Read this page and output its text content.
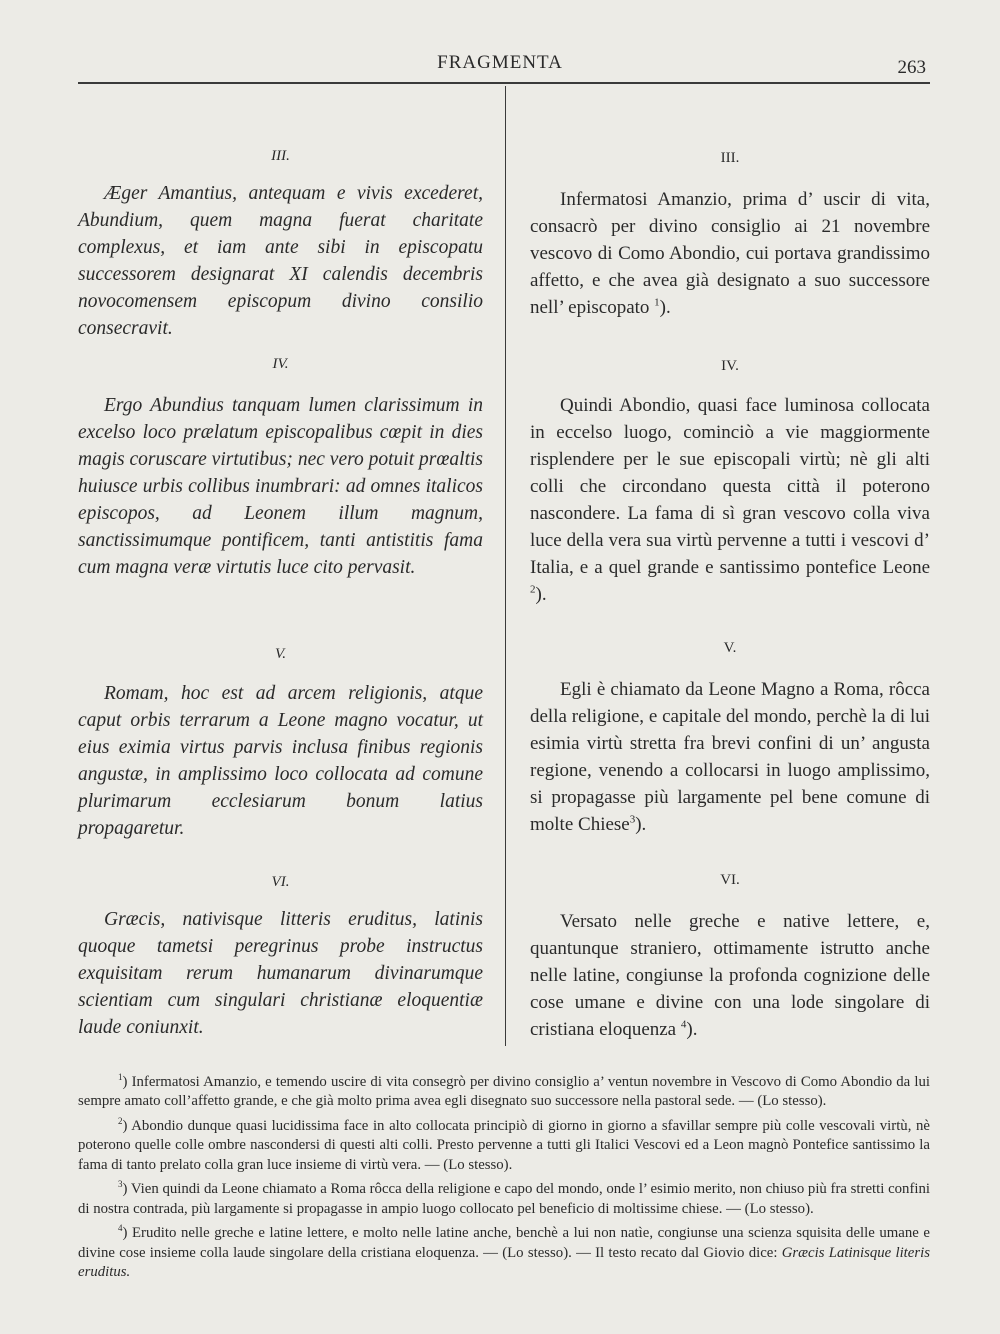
FRAGMENTA	263
III.
Æger Amantius, antequam e vivis excederet, Abundium, quem magna fuerat charitate complexus, et iam ante sibi in episcopatu successorem designarat XI calendis decembris novocomensem episcopum divino consilio consecravit.
IV.
Ergo Abundius tanquam lumen clarissimum in excelso loco prælatum episcopalibus cœpit in dies magis coruscare virtutibus; nec vero potuit prœaltis huiusce urbis collibus inumbrari: ad omnes italicos episcopos, ad Leonem illum magnum, sanctissimumque pontificem, tanti antistitis fama cum magna veræ virtutis luce cito pervasit.
V.
Romam, hoc est ad arcem religionis, atque caput orbis terrarum a Leone magno vocatur, ut eius eximia virtus parvis inclusa finibus regionis angustæ, in amplissimo loco collocata ad comune plurimarum ecclesiarum bonum latius propagaretur.
VI.
Græcis, nativisque litteris eruditus, latinis quoque tametsi peregrinus probe instructus exquisitam rerum humanarum divinarumque scientiam cum singulari christianæ eloquentiæ laude coniunxit.
III.
Infermatosi Amanzio, prima d’ uscir di vita, consacrò per divino consiglio ai 21 novembre vescovo di Como Abondio, cui portava grandissimo affetto, e che avea già designato a suo successore nell’ episcopato $^1$).
IV.
Quindi Abondio, quasi face luminosa collocata in eccelso luogo, cominciò a vie maggiormente risplendere per le sue episcopali virtù; nè gli alti colli che circondano questa città il poterono nascondere. La fama di sì gran vescovo colla viva luce della vera sua virtù pervenne a tutti i vescovi d’ Italia, e a quel grande e santissimo pontefice Leone $^2$).
V.
Egli è chiamato da Leone Magno a Roma, rôcca della religione, e capitale del mondo, perchè la di lui esimia virtù stretta fra brevi confini di un’ angusta regione, venendo a collocarsi in luogo amplissimo, si propagasse più largamente pel bene comune di molte Chiese$^3$).
VI.
Versato nelle greche e native lettere, e, quantunque straniero, ottimamente istrutto anche nelle latine, congiunse la profonda cognizione delle cose umane e divine con una lode singolare di cristiana eloquenza $^4$).

$^1$) Infermatosi Amanzio, e temendo uscire di vita consegrò per divino consiglio a’ ventun novembre in Vescovo di Como Abondio da lui sempre amato coll’affetto grande, e che già molto prima avea egli disegnato suo successore nella pastoral sede. — (Lo stesso).

$^2$) Abondio dunque quasi lucidissima face in alto collocata principiò di giorno in giorno a sfavillar sempre più colle vescovali virtù, nè poterono quelle colle ombre nascondersi di questi alti colli. Presto pervenne a tutti gli Italici Vescovi ed a Leon magnò Pontefice santissimo la fama di tanto prelato colla gran luce insieme di virtù vera. — (Lo stesso).

$^3$) Vien quindi da Leone chiamato a Roma rôcca della religione e capo del mondo, onde l’ esimio merito, non chiuso più fra stretti confini di nostra contrada, più largamente si propagasse in ampio luogo collocato pel beneficio di moltissime chiese. — (Lo stesso).

$^4$) Erudito nelle greche e latine lettere, e molto nelle latine anche, benchè a lui non natìe, congiunse una scienza squisita delle umane e divine cose insieme colla laude singolare della cristiana eloquenza. — (Lo stesso). — Il testo recato dal Giovio dice: Græcis Latinisque literis eruditus.
